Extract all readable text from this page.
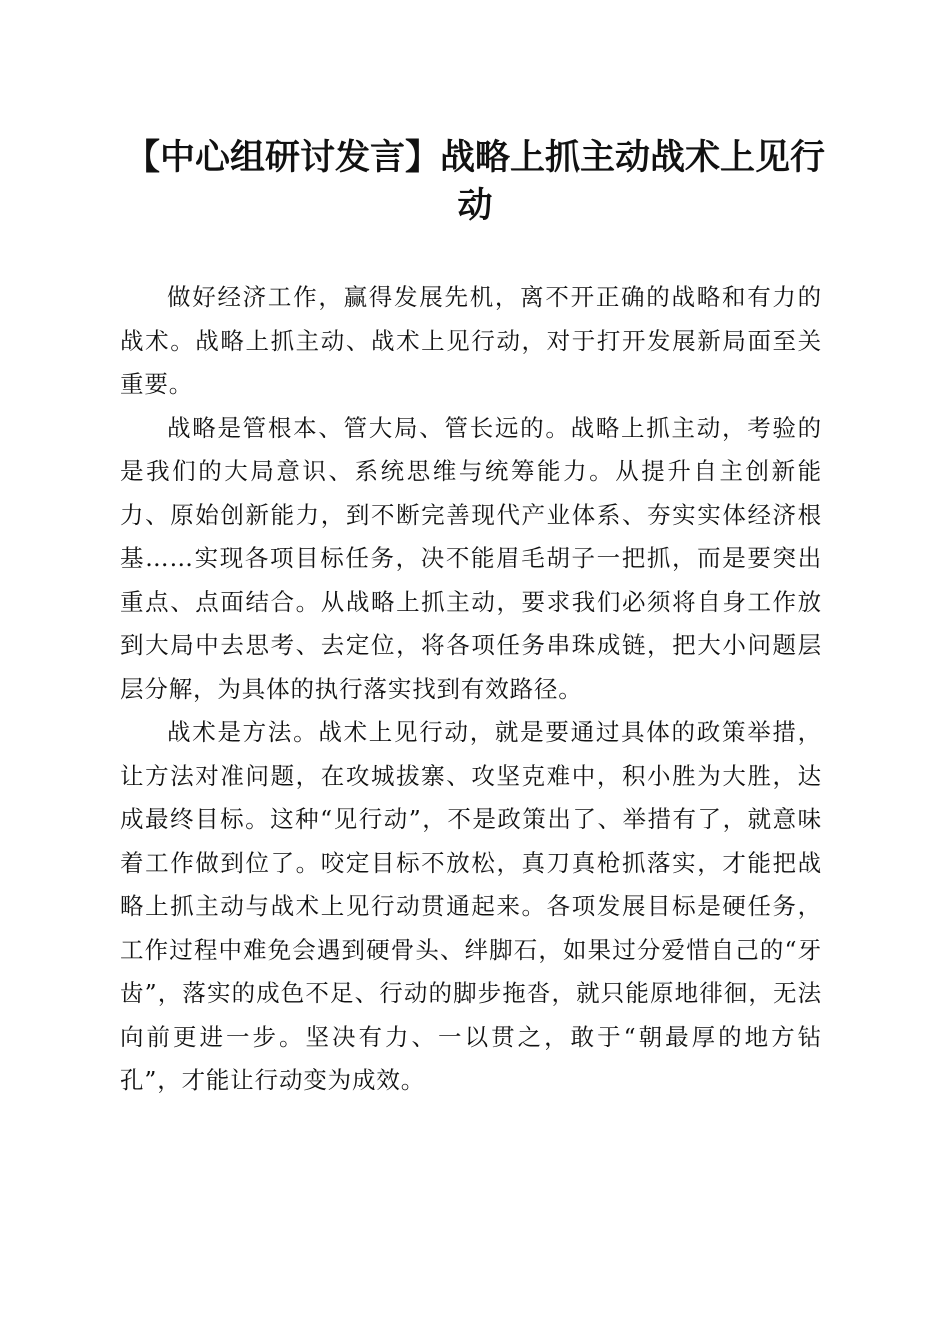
【中心组研讨发言】战略上抓主动战术上见行动

做好经济工作，赢得发展先机，离不开正确的战略和有力的战术。战略上抓主动、战术上见行动，对于打开发展新局面至关重要。

战略是管根本、管大局、管长远的。战略上抓主动，考验的是我们的大局意识、系统思维与统筹能力。从提升自主创新能力、原始创新能力，到不断完善现代产业体系、夯实实体经济根基……实现各项目标任务，决不能眉毛胡子一把抓，而是要突出重点、点面结合。从战略上抓主动，要求我们必须将自身工作放到大局中去思考、去定位，将各项任务串珠成链，把大小问题层层分解，为具体的执行落实找到有效路径。

战术是方法。战术上见行动，就是要通过具体的政策举措，让方法对准问题，在攻城拔寨、攻坚克难中，积小胜为大胜，达成最终目标。这种“见行动”，不是政策出了、举措有了，就意味着工作做到位了。咬定目标不放松，真刀真枪抓落实，才能把战略上抓主动与战术上见行动贯通起来。各项发展目标是硬任务，工作过程中难免会遇到硬骨头、绊脚石，如果过分爱惜自己的“牙齿”，落实的成色不足、行动的脚步拖沓，就只能原地徘徊，无法向前更进一步。坚决有力、一以贯之，敢于“朝最厚的地方钻孔”，才能让行动变为成效。
